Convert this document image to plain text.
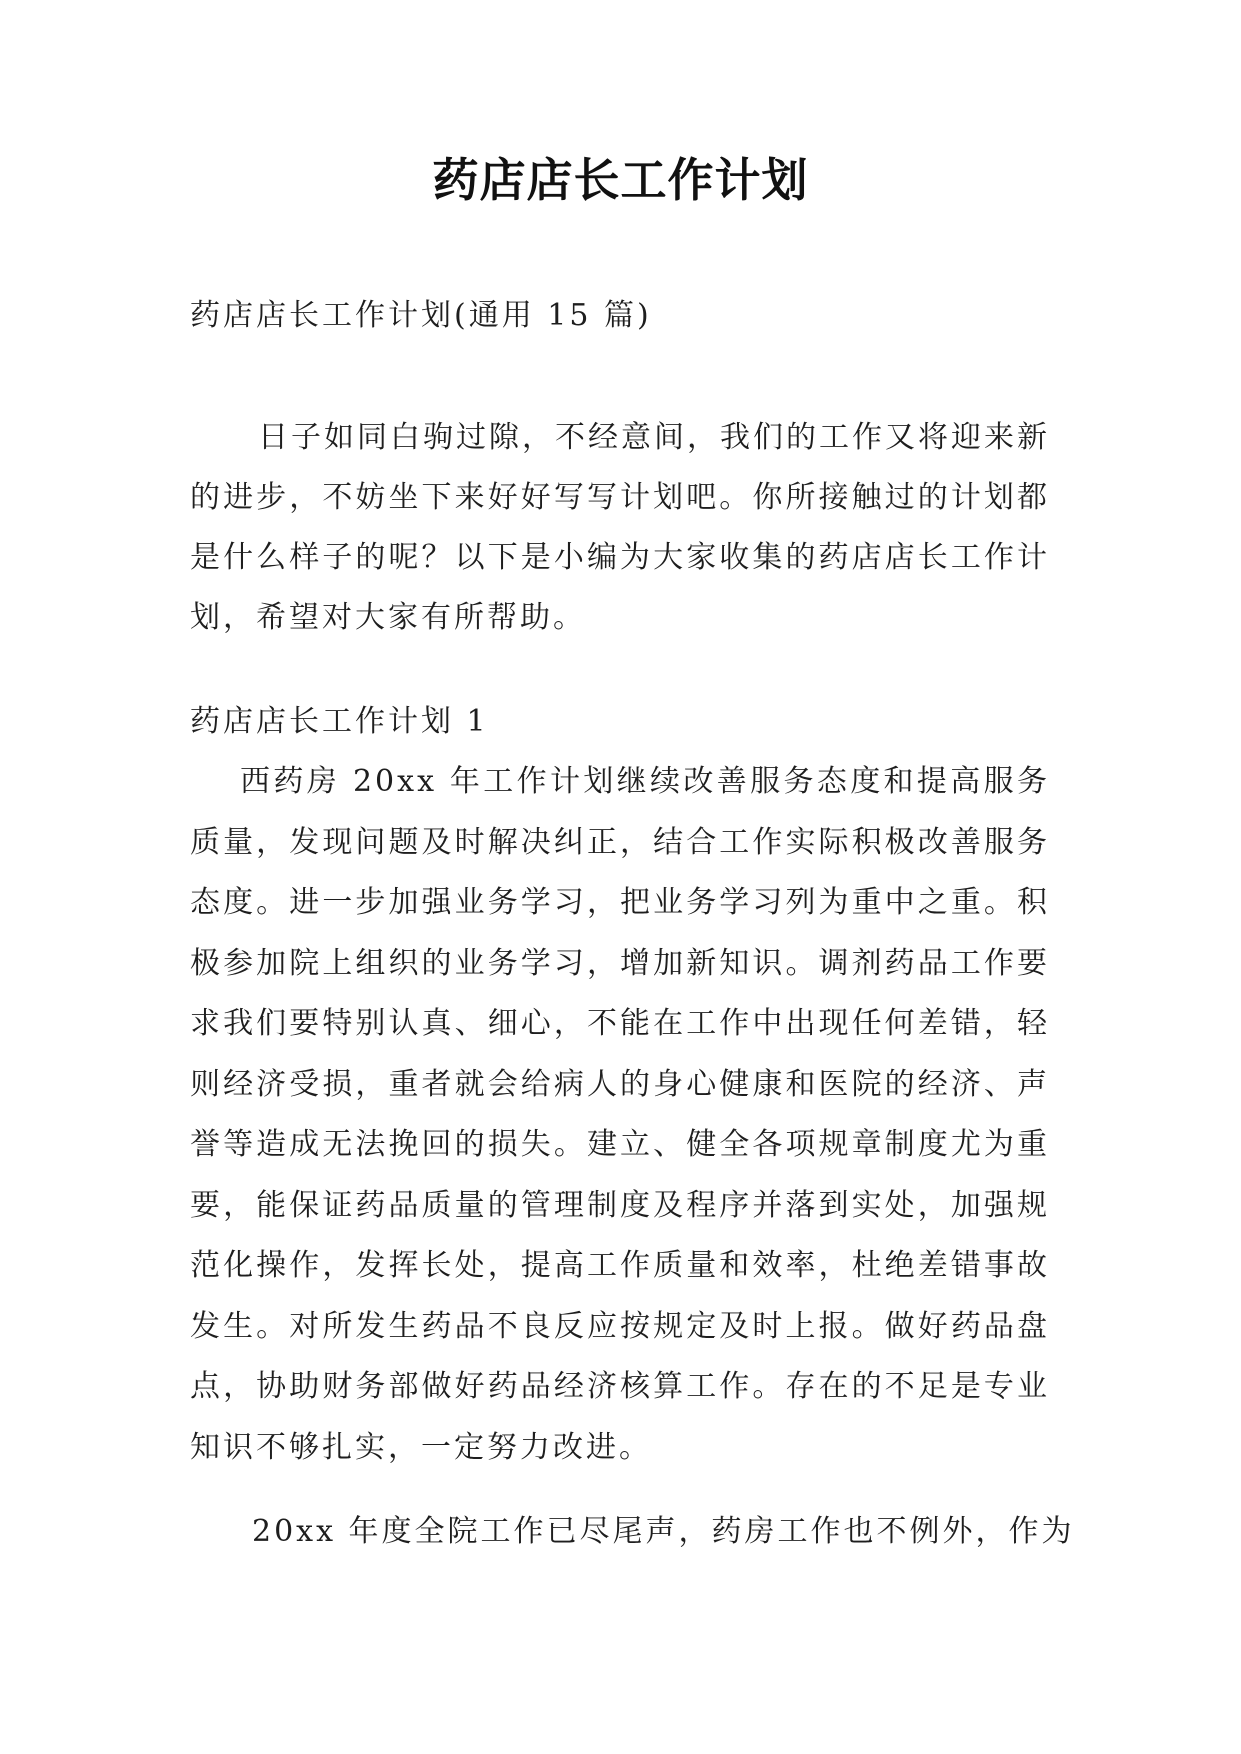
药店店长工作计划
药店店长工作计划(通用 15 篇)
日子如同白驹过隙，不经意间，我们的工作又将迎来新的进步，不妨坐下来好好写写计划吧。你所接触过的计划都是什么样子的呢？以下是小编为大家收集的药店店长工作计划，希望对大家有所帮助。
药店店长工作计划 1
西药房 20xx 年工作计划继续改善服务态度和提高服务质量，发现问题及时解决纠正，结合工作实际积极改善服务态度。进一步加强业务学习，把业务学习列为重中之重。积极参加院上组织的业务学习，增加新知识。调剂药品工作要求我们要特别认真、细心，不能在工作中出现任何差错，轻则经济受损，重者就会给病人的身心健康和医院的经济、声誉等造成无法挽回的损失。建立、健全各项规章制度尤为重要，能保证药品质量的管理制度及程序并落到实处，加强规范化操作，发挥长处，提高工作质量和效率，杜绝差错事故发生。对所发生药品不良反应按规定及时上报。做好药品盘点，协助财务部做好药品经济核算工作。存在的不足是专业知识不够扎实，一定努力改进。
20xx 年度全院工作已尽尾声，药房工作也不例外，作为
